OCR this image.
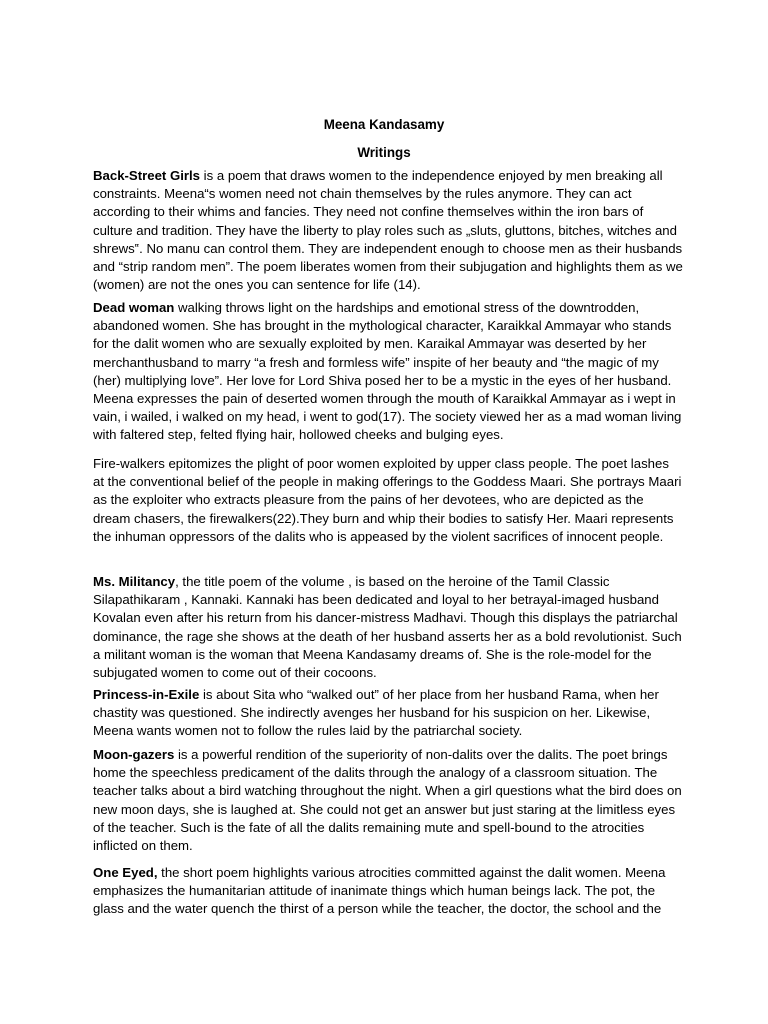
Meena Kandasamy
Writings
Back-Street Girls is a poem that draws women to the independence enjoyed by men breaking all constraints. Meena“s women need not chain themselves by the rules anymore. They can act according to their whims and fancies. They need not confine themselves within the iron bars of culture and tradition. They have the liberty to play roles such as „sluts, gluttons, bitches, witches and shrews‟. No manu can control them. They are independent enough to choose men as their husbands and “strip random men”. The poem liberates women from their subjugation and highlights them as we (women) are not the ones you can sentence for life (14).
Dead woman walking throws light on the hardships and emotional stress of the downtrodden, abandoned women. She has brought in the mythological character, Karaikkal Ammayar who stands for the dalit women who are sexually exploited by men. Karaikal Ammayar was deserted by her merchanthusband to marry “a fresh and formless wife” inspite of her beauty and “the magic of my (her) multiplying love”. Her love for Lord Shiva posed her to be a mystic in the eyes of her husband. Meena expresses the pain of deserted women through the mouth of Karaikkal Ammayar as i wept in vain, i wailed, i walked on my head, i went to god(17). The society viewed her as a mad woman living with faltered step, felted flying hair, hollowed cheeks and bulging eyes.
Fire-walkers epitomizes the plight of poor women exploited by upper class people. The poet lashes at the conventional belief of the people in making offerings to the Goddess Maari. She portrays Maari as the exploiter who extracts pleasure from the pains of her devotees, who are depicted as the dream chasers, the firewalkers(22).They burn and whip their bodies to satisfy Her. Maari represents the inhuman oppressors of the dalits who is appeased by the violent sacrifices of innocent people.
Ms. Militancy, the title poem of the volume , is based on the heroine of the Tamil Classic Silapathikaram , Kannaki. Kannaki has been dedicated and loyal to her betrayal-imaged husband Kovalan even after his return from his dancer-mistress Madhavi. Though this displays the patriarchal dominance, the rage she shows at the death of her husband asserts her as a bold revolutionist. Such a militant woman is the woman that Meena Kandasamy dreams of. She is the role-model for the subjugated women to come out of their cocoons.
Princess-in-Exile is about Sita who “walked out” of her place from her husband Rama, when her chastity was questioned. She indirectly avenges her husband for his suspicion on her. Likewise, Meena wants women not to follow the rules laid by the patriarchal society.
Moon-gazers is a powerful rendition of the superiority of non-dalits over the dalits. The poet brings home the speechless predicament of the dalits through the analogy of a classroom situation. The teacher talks about a bird watching throughout the night. When a girl questions what the bird does on new moon days, she is laughed at. She could not get an answer but just staring at the limitless eyes of the teacher. Such is the fate of all the dalits remaining mute and spell-bound to the atrocities inflicted on them.
One Eyed, the short poem highlights various atrocities committed against the dalit women. Meena emphasizes the humanitarian attitude of inanimate things which human beings lack. The pot, the glass and the water quench the thirst of a person while the teacher, the doctor, the school and the
